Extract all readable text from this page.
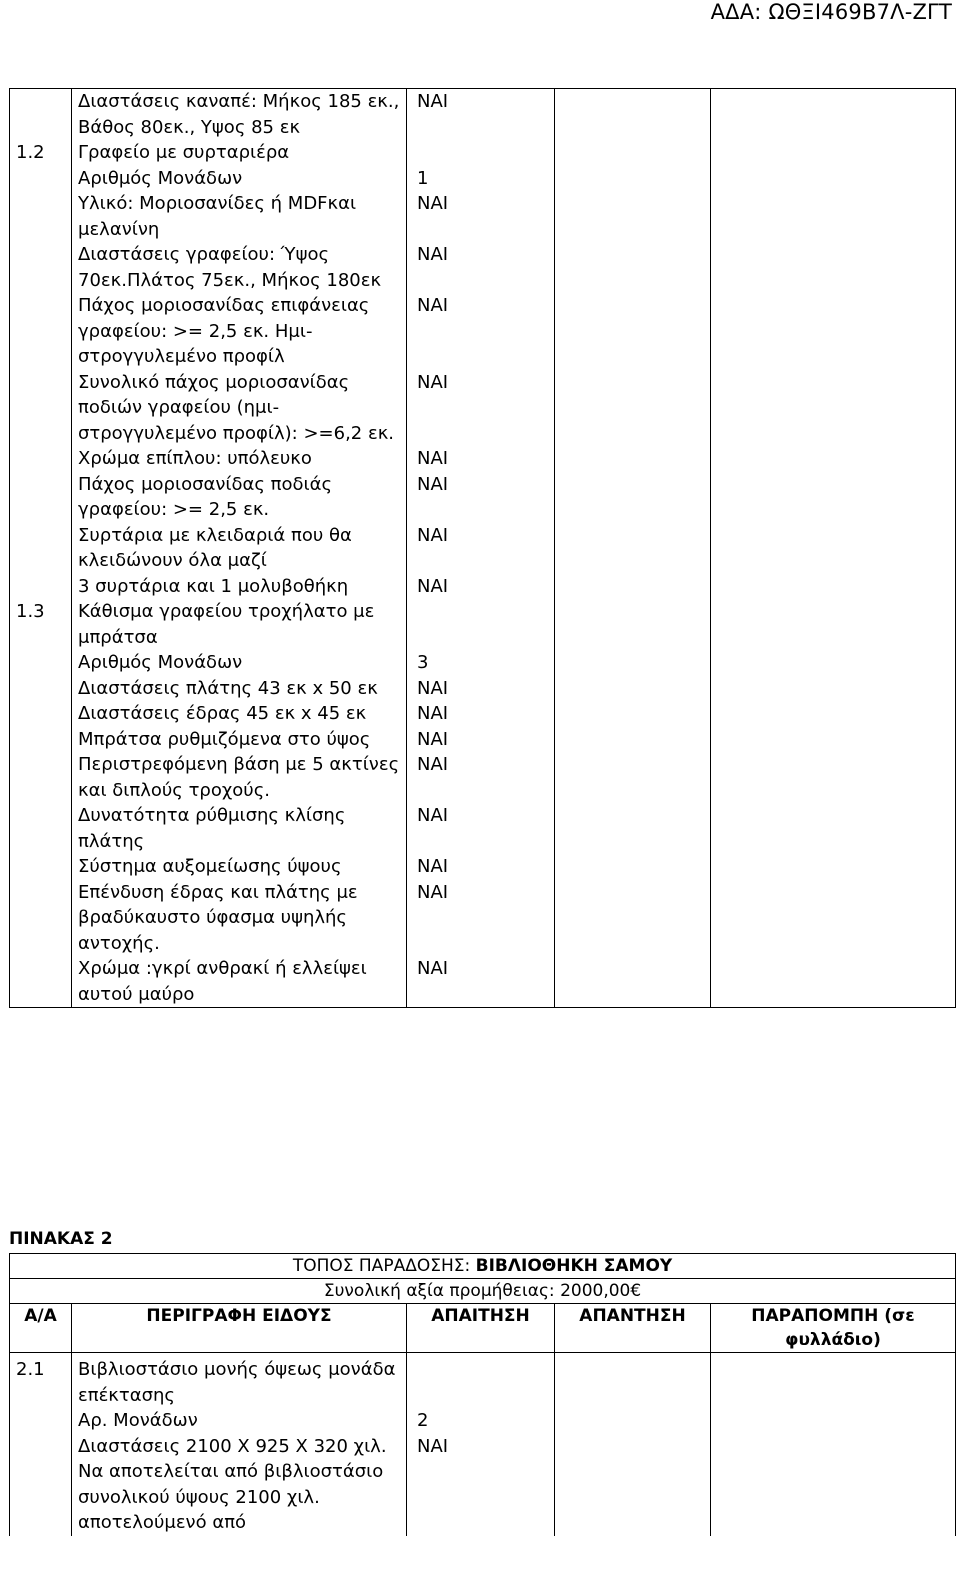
ΑΔΑ: ΩΘΞΙ469Β7Λ-ΖΓΤ
	Διαστάσεις καναπέ: Μήκος 185 εκ., Βάθος 80εκ., Υψος 85 εκ	ΝΑΙ		
1.2	Γραφείο με συρταριέρα			
	Αριθμός Μονάδων	1		
	Υλικό: Μοριοσανίδες ή MDFκαι μελανίνη	ΝΑΙ		
	Διαστάσεις γραφείου: Ύψος 70εκ.Πλάτος 75εκ., Μήκος 180εκ	ΝΑΙ		
	Πάχος μοριοσανίδας επιφάνειας γραφείου: >= 2,5 εκ. Ημι-στρογγυλεμένο προφίλ	ΝΑΙ		
	Συνολικό πάχος μοριοσανίδας ποδιών γραφείου (ημι-στρογγυλεμένο προφίλ): >=6,2 εκ.	ΝΑΙ		
	Χρώμα επίπλου: υπόλευκο	ΝΑΙ		
	Πάχος μοριοσανίδας ποδιάς γραφείου: >= 2,5 εκ.	ΝΑΙ		
	Συρτάρια με κλειδαριά που θα κλειδώνουν όλα μαζί	ΝΑΙ		
	3 συρτάρια και 1 μολυβοθήκη	ΝΑΙ		
1.3	Κάθισμα γραφείου τροχήλατο με μπράτσα			
	Αριθμός Μονάδων	3		
	Διαστάσεις πλάτης 43 εκ x 50 εκ	ΝΑΙ		
	Διαστάσεις έδρας 45 εκ x 45 εκ	ΝΑΙ		
	Μπράτσα ρυθμιζόμενα στο ύψος	ΝΑΙ		
	Περιστρεφόμενη βάση με 5 ακτίνες και διπλούς τροχούς.	ΝΑΙ		
	Δυνατότητα ρύθμισης κλίσης πλάτης	ΝΑΙ		
	Σύστημα αυξομείωσης ύψους	ΝΑΙ		
	Επένδυση έδρας και πλάτης με βραδύκαυστο ύφασμα υψηλής αντοχής.	ΝΑΙ		
	Χρώμα :γκρί ανθρακί ή ελλείψει αυτού μαύρο	ΝΑΙ		
ΠΙΝΑΚΑΣ 2
ΤΟΠΟΣ ΠΑΡΑΔΟΣΗΣ: ΒΙΒΛΙΟΘΗΚΗ ΣΑΜΟΥ				
Συνολική αξία προμήθειας: 2000,00€				
Α/Α	ΠΕΡΙΓΡΑΦΗ ΕΙΔΟΥΣ	ΑΠΑΙΤΗΣΗ	ΑΠΑΝΤΗΣΗ	ΠΑΡΑΠΟΜΠΗ (σε φυλλάδιο)
2.1	Βιβλιοστάσιο μονής όψεως μονάδα επέκτασης			
	Αρ. Μονάδων	2		
	Διαστάσεις 2100 Χ 925 Χ 320 χιλ.	ΝΑΙ		
	Να αποτελείται από βιβλιοστάσιο συνολικού ύψους 2100 χιλ. αποτελούμενό από			
